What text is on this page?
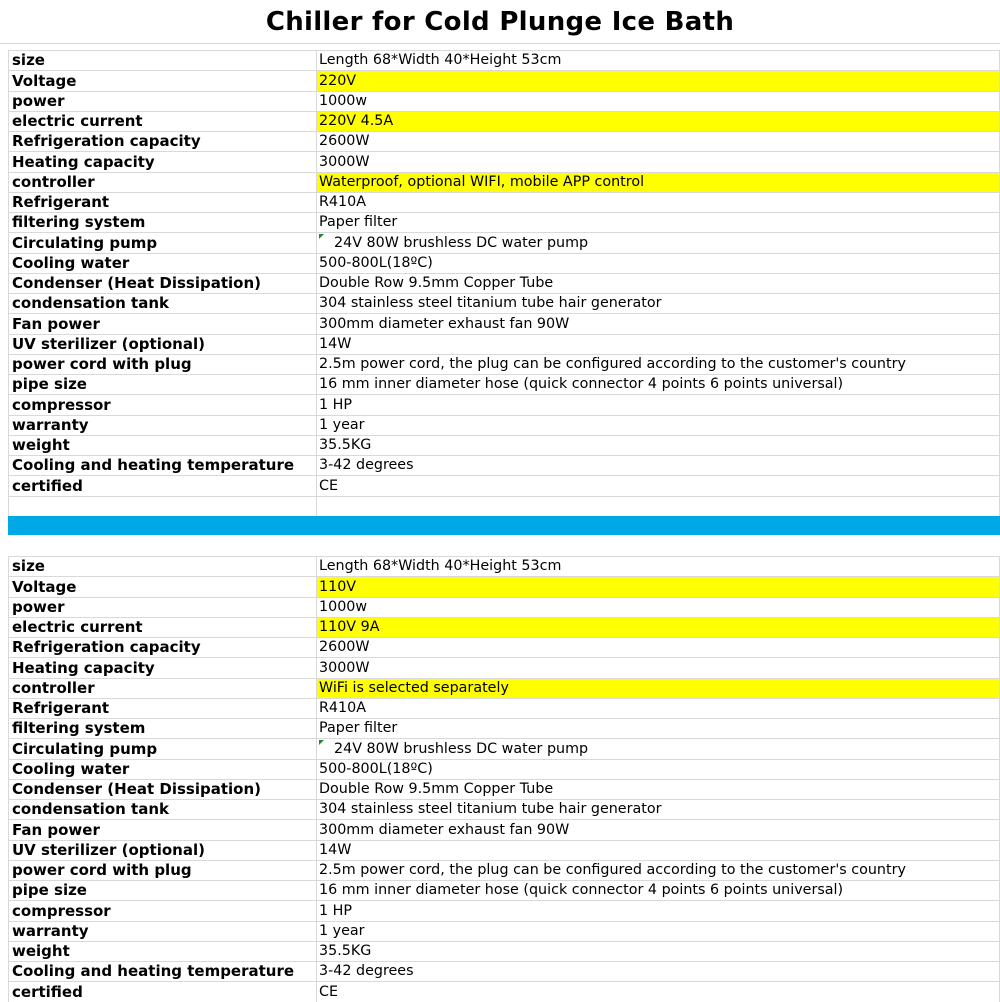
Chiller for Cold Plunge Ice Bath
size	Length 68*Width 40*Height 53cm
Voltage	220V
power	1000w
electric current	220V 4.5A
Refrigeration capacity	2600W
Heating capacity	3000W
controller	Waterproof, optional WIFI, mobile APP control
Refrigerant	R410A
filtering system	Paper filter
Circulating pump	24V 80W brushless DC water pump
Cooling water	500-800L(18ºC)
Condenser (Heat Dissipation)	Double Row 9.5mm Copper Tube
condensation tank	304 stainless steel titanium tube hair generator
Fan power	300mm diameter exhaust fan 90W
UV sterilizer (optional)	14W
power cord with plug	2.5m power cord, the plug can be configured according to the customer's country
pipe size	16 mm inner diameter hose (quick connector 4 points 6 points universal)
compressor	1 HP
warranty	1 year
weight	35.5KG
Cooling and heating temperature	3-42 degrees
certified	CE

size	Length 68*Width 40*Height 53cm
Voltage	110V
power	1000w
electric current	110V 9A
Refrigeration capacity	2600W
Heating capacity	3000W
controller	WiFi is selected separately
Refrigerant	R410A
filtering system	Paper filter
Circulating pump	24V 80W brushless DC water pump
Cooling water	500-800L(18ºC)
Condenser (Heat Dissipation)	Double Row 9.5mm Copper Tube
condensation tank	304 stainless steel titanium tube hair generator
Fan power	300mm diameter exhaust fan 90W
UV sterilizer (optional)	14W
power cord with plug	2.5m power cord, the plug can be configured according to the customer's country
pipe size	16 mm inner diameter hose (quick connector 4 points 6 points universal)
compressor	1 HP
warranty	1 year
weight	35.5KG
Cooling and heating temperature	3-42 degrees
certified	CE
